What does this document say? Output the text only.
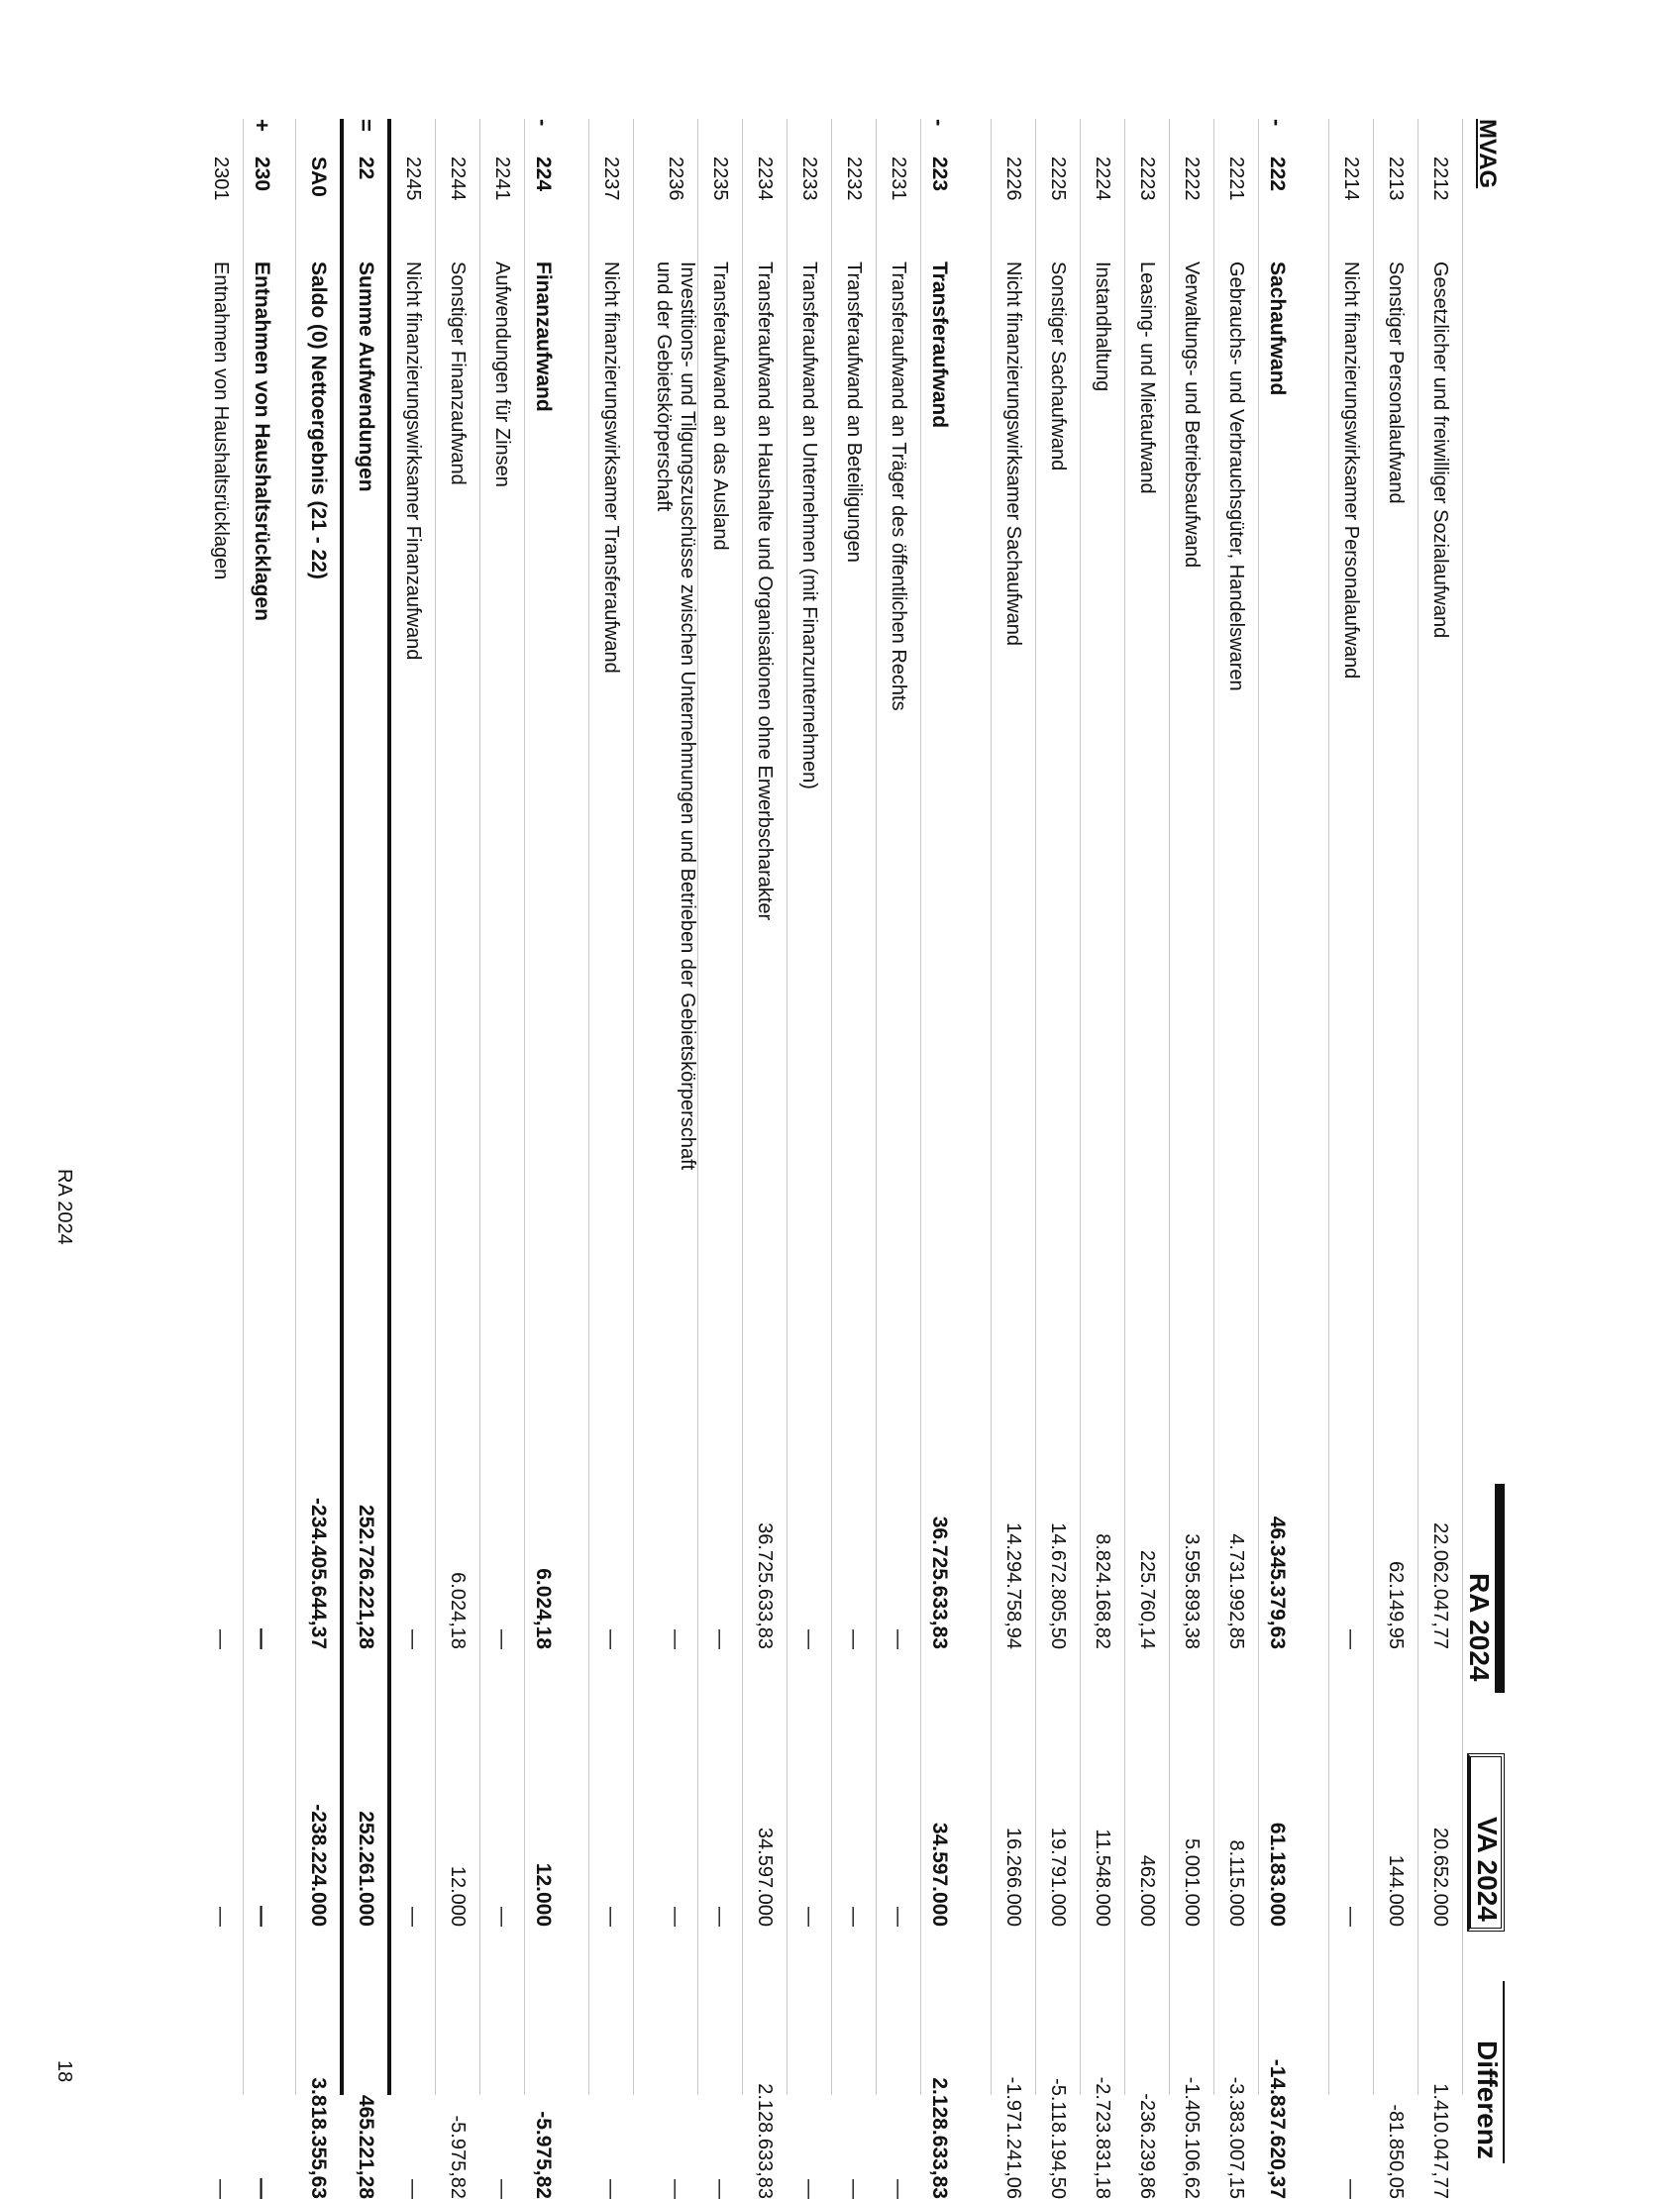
MVAG
RA 2024
VA 2024
Differenz
2212
Gesetzlicher und freiwilliger Sozialaufwand
22.062.047,77
20.652.000
1.410.047,77
2213
Sonstiger Personalaufwand
62.149,95
144.000
-81.850,05
2214
Nicht finanzierungswirksamer Personalaufwand
—
—
—
-
222
Sachaufwand
46.345.379,63
61.183.000
-14.837.620,37
2221
Gebrauchs- und Verbrauchsgüter, Handelswaren
4.731.992,85
8.115.000
-3.383.007,15
2222
Verwaltungs- und Betriebsaufwand
3.595.893,38
5.001.000
-1.405.106,62
2223
Leasing- und Mietaufwand
225.760,14
462.000
-236.239,86
2224
Instandhaltung
8.824.168,82
11.548.000
-2.723.831,18
2225
Sonstiger Sachaufwand
14.672.805,50
19.791.000
-5.118.194,50
2226
Nicht finanzierungswirksamer Sachaufwand
14.294.758,94
16.266.000
-1.971.241,06
-
223
Transferaufwand
36.725.633,83
34.597.000
2.128.633,83
2231
Transferaufwand an Träger des öffentlichen Rechts
—
—
—
2232
Transferaufwand an Beteiligungen
—
—
—
2233
Transferaufwand an Unternehmen (mit Finanzunternehmen)
—
—
—
2234
Transferaufwand an Haushalte und Organisationen ohne Erwerbscharakter
36.725.633,83
34.597.000
2.128.633,83
2235
Transferaufwand an das Ausland
—
—
—
2236
Investitions- und Tilgungszuschüsse zwischen Unternehmungen und Betrieben der Gebietskörperschaft
und der Gebietskörperschaft
—
—
—
2237
Nicht finanzierungswirksamer Transferaufwand
—
—
—
-
224
Finanzaufwand
6.024,18
12.000
-5.975,82
2241
Aufwendungen für Zinsen
—
—
—
2244
Sonstiger Finanzaufwand
6.024,18
12.000
-5.975,82
2245
Nicht finanzierungswirksamer Finanzaufwand
—
—
—
=
22
Summe Aufwendungen
252.726.221,28
252.261.000
465.221,28
SA0
Saldo (0) Nettoergebnis (21 - 22)
-234.405.644,37
-238.224.000
3.818.355,63
+
230
Entnahmen von Haushaltsrücklagen
—
—
—
2301
Entnahmen von Haushaltsrücklagen
—
—
—
RA 2024
18
